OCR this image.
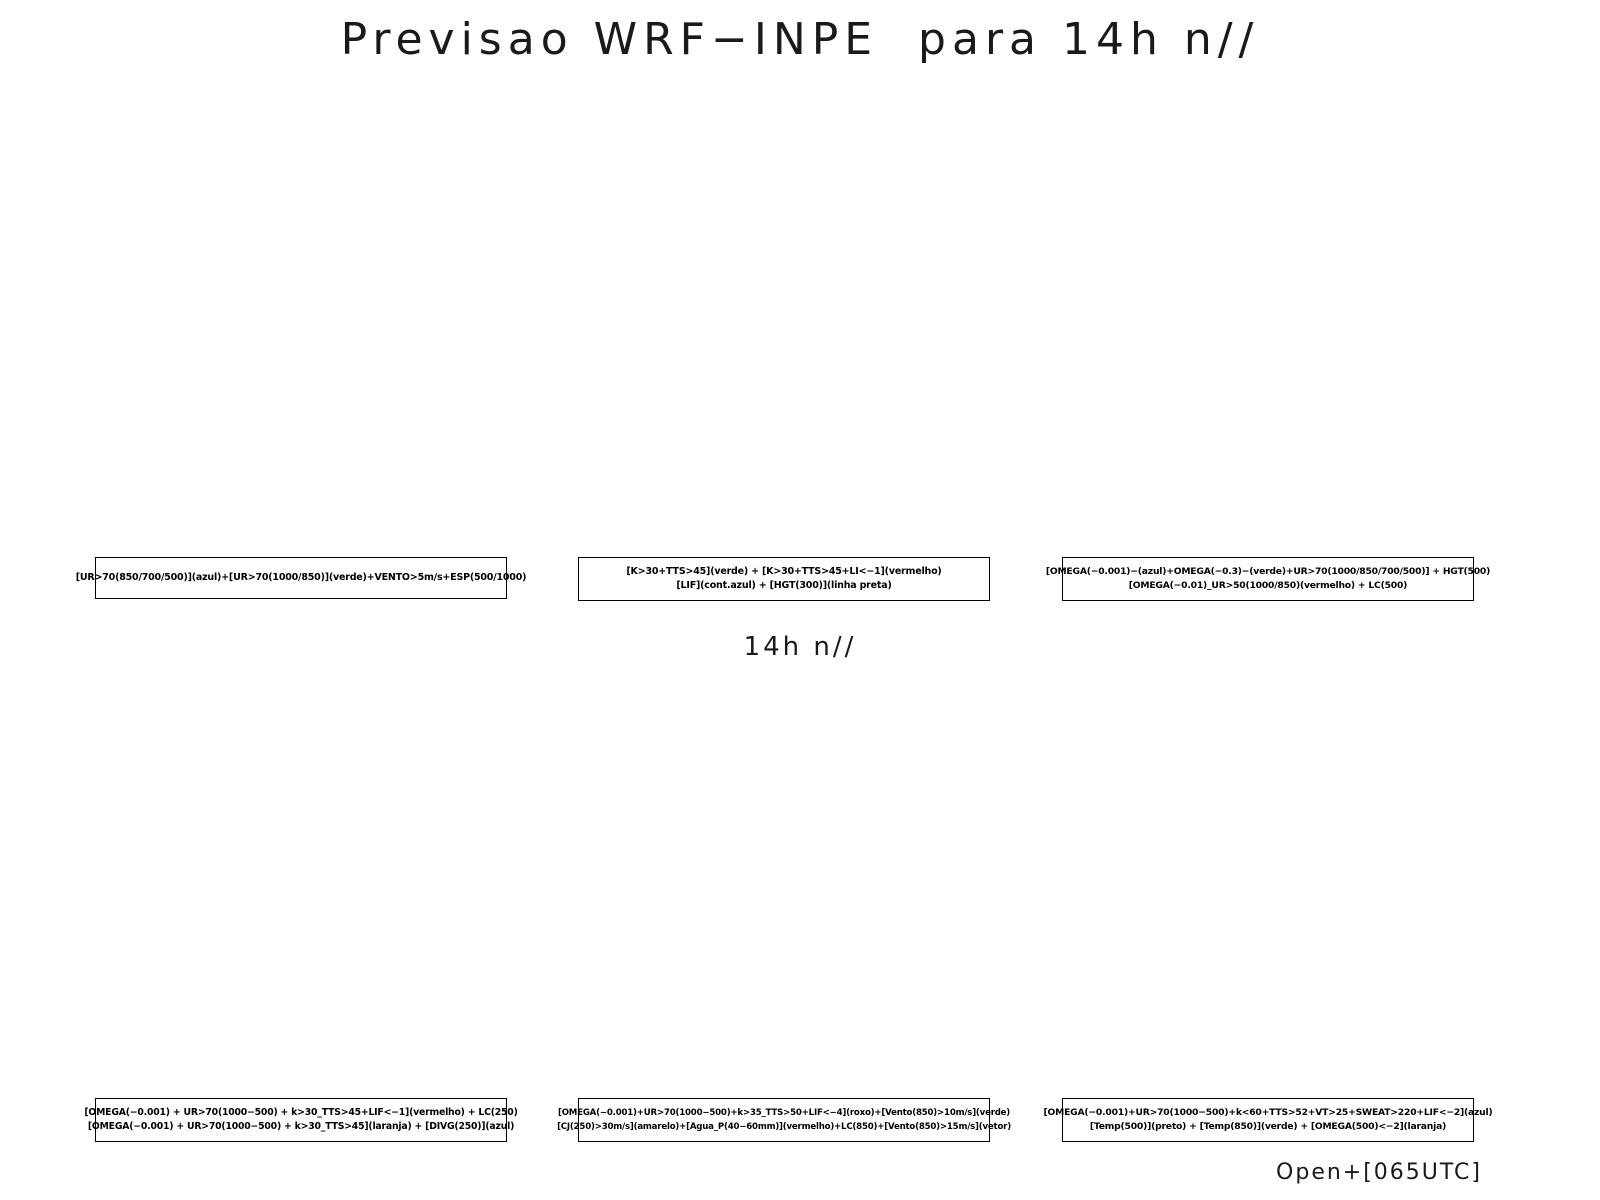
Previsao WRF−INPE  para 14h n//
[UR>70(850/700/500)](azul)+[UR>70(1000/850)](verde)+VENTO>5m/s+ESP(500/1000)
[K>30+TTS>45](verde) + [K>30+TTS>45+LI<−1](vermelho)
[LIF](cont.azul) + [HGT(300)](linha preta)
[OMEGA(−0.001)−(azul)+OMEGA(−0.3)−(verde)+UR>70(1000/850/700/500)] + HGT(500)
[OMEGA(−0.01)_UR>50(1000/850)(vermelho) + LC(500)
14h n//
[OMEGA(−0.001) + UR>70(1000−500) + k>30_TTS>45+LIF<−1](vermelho) + LC(250)
[OMEGA(−0.001) + UR>70(1000−500) + k>30_TTS>45](laranja) + [DIVG(250)](azul)
[OMEGA(−0.001)+UR>70(1000−500)+k>35_TTS>50+LIF<−4](roxo)+[Vento(850)>10m/s](verde)
[CJ(250)>30m/s](amarelo)+[Agua_P(40−60mm)](vermelho)+LC(850)+[Vento(850)>15m/s](vetor)
[OMEGA(−0.001)+UR>70(1000−500)+k<60+TTS>52+VT>25+SWEAT>220+LIF<−2](azul)
[Temp(500)](preto) + [Temp(850)](verde) + [OMEGA(500)<−2](laranja)
Open+[065UTC]
